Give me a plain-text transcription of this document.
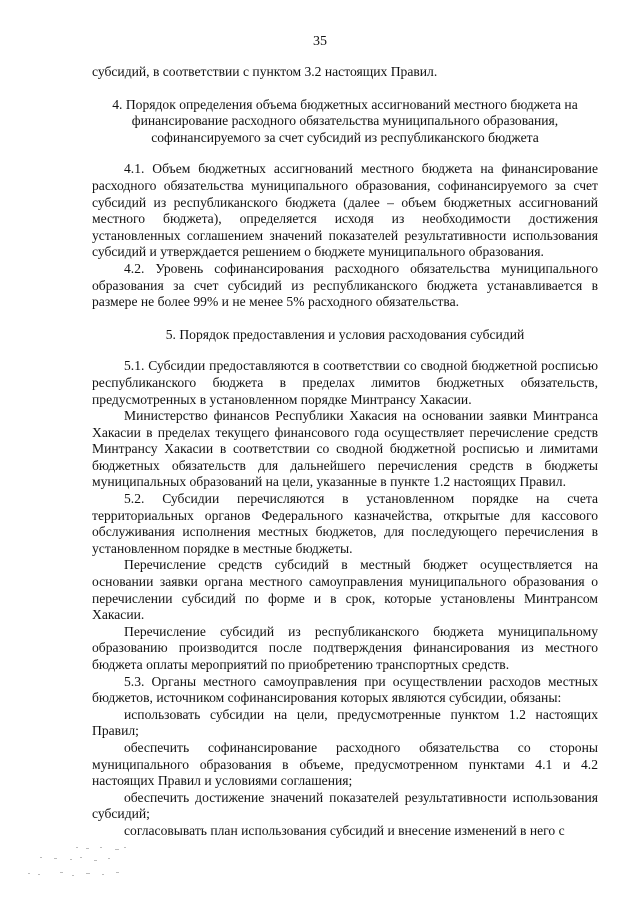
35

субсидий, в соответствии с пунктом 3.2 настоящих Правил.

4. Порядок определения объема бюджетных ассигнований местного бюджета на финансирование расходного обязательства муниципального образования, софинансируемого за счет субсидий из республиканского бюджета

4.1. Объем бюджетных ассигнований местного бюджета на финансирование расходного обязательства муниципального образования, софинансируемого за счет субсидий из республиканского бюджета (далее – объем бюджетных ассигнований местного бюджета), определяется исходя из необходимости достижения установленных соглашением значений показателей результативности использования субсидий и утверждается решением о бюджете муниципального образования.

4.2. Уровень софинансирования расходного обязательства муниципального образования за счет субсидий из республиканского бюджета устанавливается в размере не более 99% и не менее 5% расходного обязательства.

5. Порядок предоставления и условия расходования субсидий

5.1. Субсидии предоставляются в соответствии со сводной бюджетной росписью республиканского бюджета в пределах лимитов бюджетных обязательств, предусмотренных в установленном порядке Минтрансу Хакасии.

Министерство финансов Республики Хакасия на основании заявки Минтранса Хакасии в пределах текущего финансового года осуществляет перечисление средств Минтрансу Хакасии в соответствии со сводной бюджетной росписью и лимитами бюджетных обязательств для дальнейшего перечисления средств в бюджеты муниципальных образований на цели, указанные в пункте 1.2 настоящих Правил.

5.2. Субсидии перечисляются в установленном порядке на счета территориальных органов Федерального казначейства, открытые для кассового обслуживания исполнения местных бюджетов, для последующего перечисления в установленном порядке в местные бюджеты.

Перечисление средств субсидий в местный бюджет осуществляется на основании заявки органа местного самоуправления муниципального образования о перечислении субсидий по форме и в срок, которые установлены Минтрансом Хакасии.

Перечисление субсидий из республиканского бюджета муниципальному образованию производится после подтверждения финансирования из местного бюджета оплаты мероприятий по приобретению транспортных средств.

5.3. Органы местного самоуправления при осуществлении расходов местных бюджетов, источником софинансирования которых являются субсидии, обязаны:

использовать субсидии на цели, предусмотренные пунктом 1.2 настоящих Правил;

обеспечить софинансирование расходного обязательства со стороны муниципального образования в объеме, предусмотренном пунктами 4.1 и 4.2 настоящих Правил и условиями соглашения;

обеспечить достижение значений показателей результативности использования субсидий;

согласовывать план использования субсидий и внесение изменений в него с
